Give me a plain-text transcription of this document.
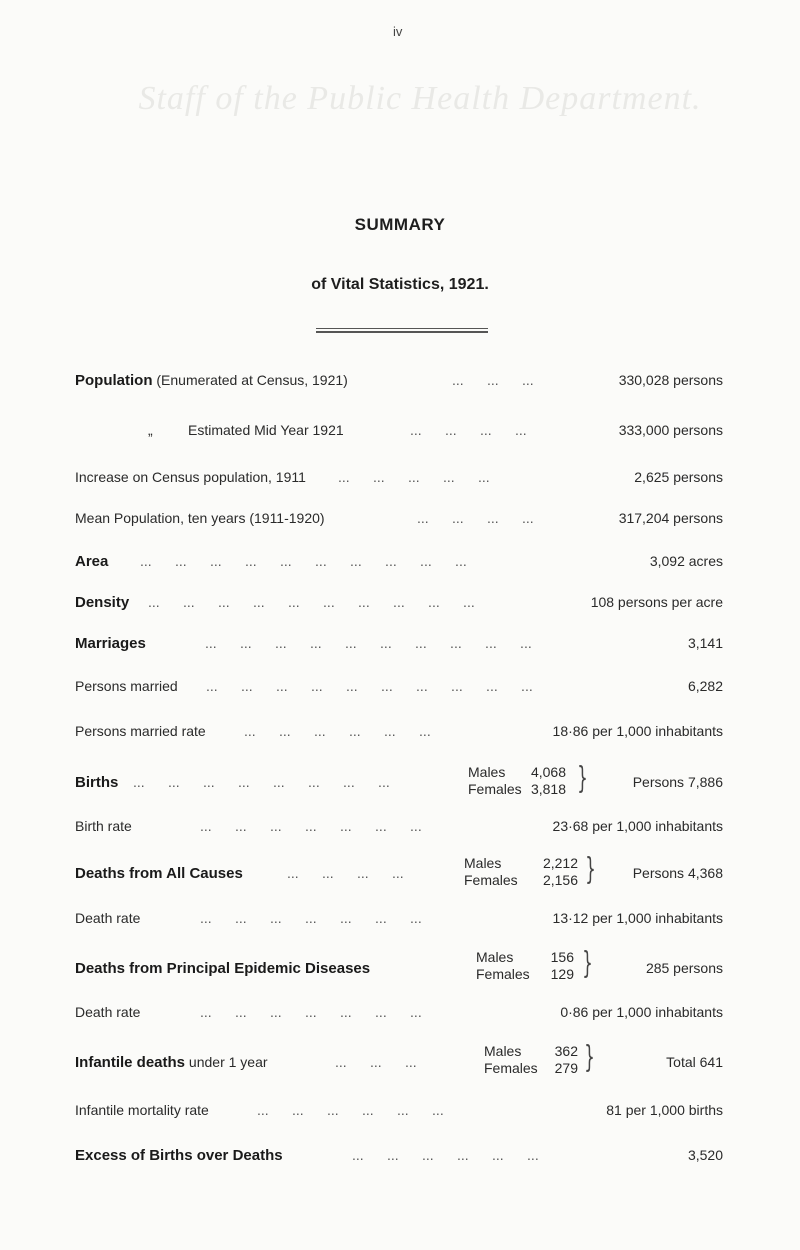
iv
Staff of the Public Health Department.
SUMMARY
of Vital Statistics, 1921.
Population (Enumerated at Census, 1921)	...      ...      ...	330,028 persons
„	Estimated Mid Year 1921	...      ...      ...      ...	333,000 persons
Increase on Census population, 1911 ...      ...      ...      ...      ...	2,625 persons
Mean Population, ten years (1911-1920)	...      ...      ...      ...	317,204 persons
Area ...      ...      ...      ...      ...      ...      ...      ...      ...      ...	3,092 acres
Density ...      ...      ...      ...      ...      ...      ...      ...      ...      ...	108 persons per acre
Marriages	...      ...      ...      ...      ...      ...      ...      ...      ...      ...	3,141
Persons married ...      ...      ...      ...      ...      ...      ...      ...      ...      ...	6,282
Persons married rate	...      ...      ...      ...      ...      ...	18·86 per 1,000 inhabitants
Births ...      ...      ...      ...      ...      ...      ...      ...
Males 4,068
Females 3,818 }	Persons 7,886
Birth rate	...      ...      ...      ...      ...      ...      ...	23·68 per 1,000 inhabitants
Deaths from All Causes	...      ...      ...      ...
Males	2,212
Females 2,156 }	Persons 4,368
Death rate	...      ...      ...      ...      ...      ...      ...	13·12 per 1,000 inhabitants
Deaths from Principal Epidemic Diseases
Males	156
Females 129 }	285 persons
Death rate	...      ...      ...      ...      ...      ...      ...	0·86 per 1,000 inhabitants
Infantile deaths under 1 year	...      ...      ...
Males 362
Females 279 }	Total 641
Infantile mortality rate	...      ...      ...      ...      ...      ...	81 per 1,000 births
Excess of Births over Deaths	...      ...      ...      ...      ...      ...	3,520
